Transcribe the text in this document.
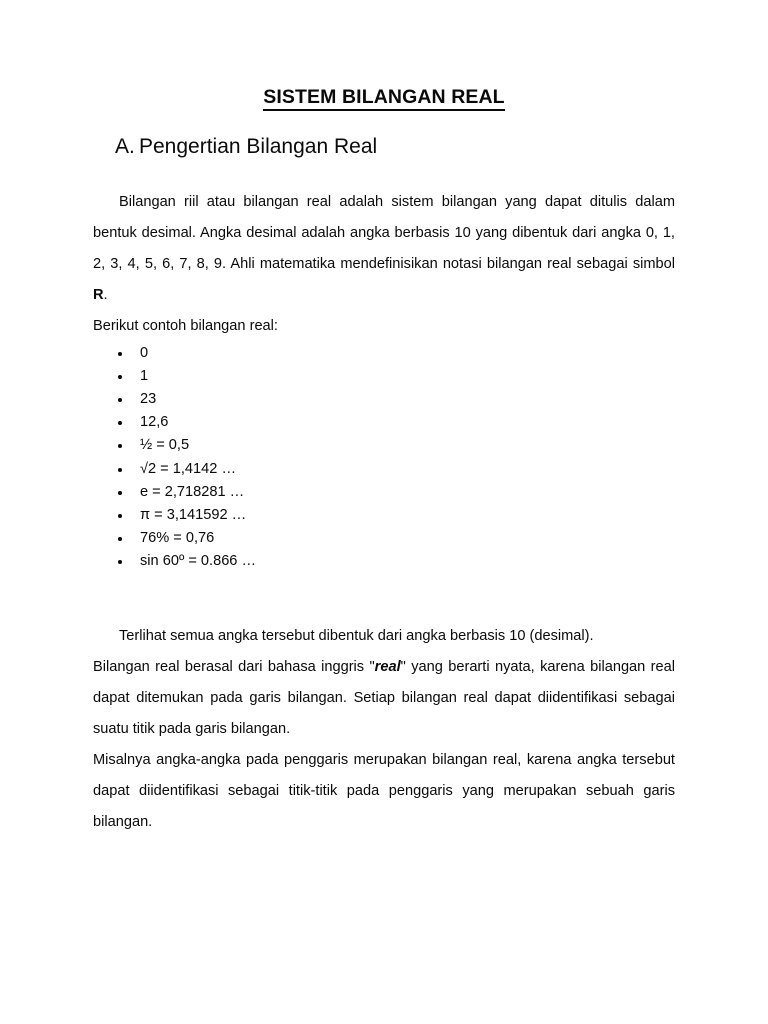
SISTEM BILANGAN REAL
A. Pengertian Bilangan Real

Bilangan riil atau bilangan real adalah sistem bilangan yang dapat ditulis dalam bentuk desimal. Angka desimal adalah angka berbasis 10 yang dibentuk dari angka 0, 1, 2, 3, 4, 5, 6, 7, 8, 9. Ahli matematika mendefinisikan notasi bilangan real sebagai simbol R.

Berikut contoh bilangan real:

0
1
23
12,6
½ = 0,5
√2 = 1,4142 …
e = 2,718281 …
π = 3,141592 …
76% = 0,76
sin 60º = 0.866 …

Terlihat semua angka tersebut dibentuk dari angka berbasis 10 (desimal).

Bilangan real berasal dari bahasa inggris "real" yang berarti nyata, karena bilangan real dapat ditemukan pada garis bilangan. Setiap bilangan real dapat diidentifikasi sebagai suatu titik pada garis bilangan.

Misalnya angka-angka pada penggaris merupakan bilangan real, karena angka tersebut dapat diidentifikasi sebagai titik-titik pada penggaris yang merupakan sebuah garis bilangan.
